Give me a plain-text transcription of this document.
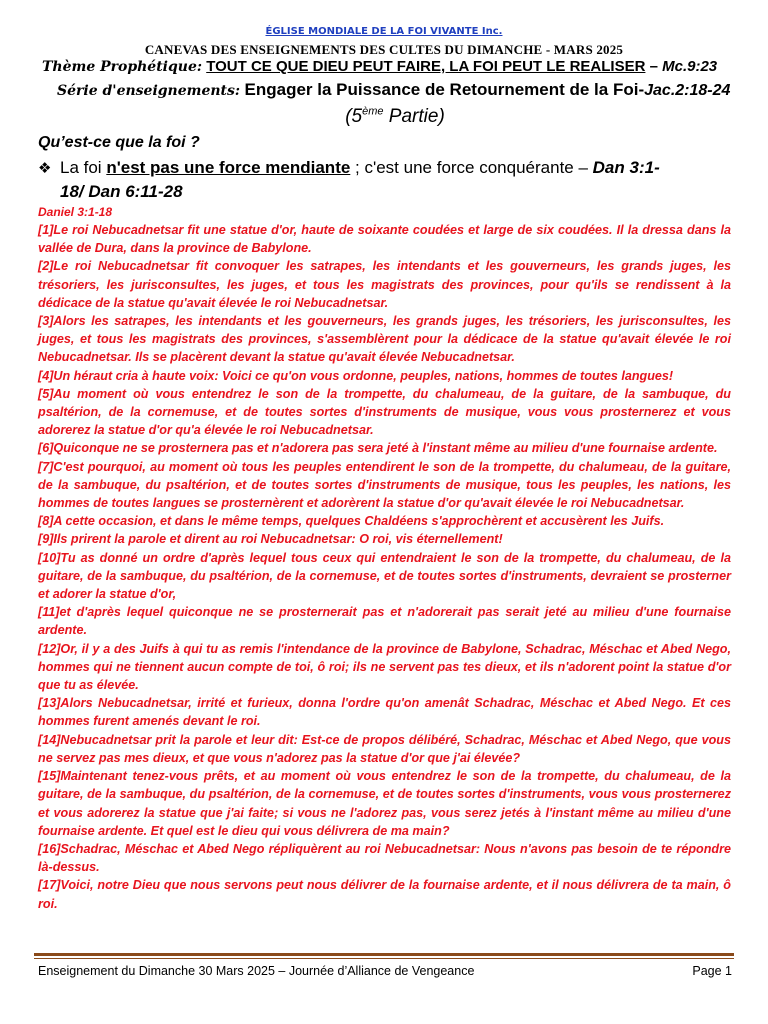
ÉGLISE MONDIALE DE LA FOI VIVANTE Inc.
CANEVAS DES ENSEIGNEMENTS DES CULTES DU DIMANCHE - MARS 2025
Thème Prophétique: TOUT CE QUE DIEU PEUT FAIRE, LA FOI PEUT LE REALISER – Mc.9:23
Série d'enseignements: Engager la Puissance de Retournement de la Foi-Jac.2:18-24
(5ème Partie)
Qu’est-ce que la foi ?
❖ La foi n'est pas une force mendiante ; c'est une force conquérante – Dan 3:1-
18/ Dan 6:11-28
Daniel 3:1-18

[1]Le roi Nebucadnetsar fit une statue d'or, haute de soixante coudées et large de six coudées. Il la dressa dans la vallée de Dura, dans la province de Babylone.

[2]Le roi Nebucadnetsar fit convoquer les satrapes, les intendants et les gouverneurs, les grands juges, les trésoriers, les jurisconsultes, les juges, et tous les magistrats des provinces, pour qu'ils se rendissent à la dédicace de la statue qu'avait élevée le roi Nebucadnetsar.

[3]Alors les satrapes, les intendants et les gouverneurs, les grands juges, les trésoriers, les jurisconsultes, les juges, et tous les magistrats des provinces, s'assemblèrent pour la dédicace de la statue qu'avait élevée le roi Nebucadnetsar. Ils se placèrent devant la statue qu'avait élevée Nebucadnetsar.

[4]Un héraut cria à haute voix: Voici ce qu'on vous ordonne, peuples, nations, hommes de toutes langues!

[5]Au moment où vous entendrez le son de la trompette, du chalumeau, de la guitare, de la sambuque, du psaltérion, de la cornemuse, et de toutes sortes d'instruments de musique, vous vous prosternerez et vous adorerez la statue d'or qu'a élevée le roi Nebucadnetsar.

[6]Quiconque ne se prosternera pas et n'adorera pas sera jeté à l'instant même au milieu d'une fournaise ardente.

[7]C'est pourquoi, au moment où tous les peuples entendirent le son de la trompette, du chalumeau, de la guitare, de la sambuque, du psaltérion, et de toutes sortes d'instruments de musique, tous les peuples, les nations, les hommes de toutes langues se prosternèrent et adorèrent la statue d'or qu'avait élevée le roi Nebucadnetsar.

[8]A cette occasion, et dans le même temps, quelques Chaldéens s'approchèrent et accusèrent les Juifs.

[9]Ils prirent la parole et dirent au roi Nebucadnetsar: O roi, vis éternellement!

[10]Tu as donné un ordre d'après lequel tous ceux qui entendraient le son de la trompette, du chalumeau, de la guitare, de la sambuque, du psaltérion, de la cornemuse, et de toutes sortes d'instruments, devraient se prosterner et adorer la statue d'or,

[11]et d'après lequel quiconque ne se prosternerait pas et n'adorerait pas serait jeté au milieu d'une fournaise ardente.

[12]Or, il y a des Juifs à qui tu as remis l'intendance de la province de Babylone, Schadrac, Méschac et Abed Nego, hommes qui ne tiennent aucun compte de toi, ô roi; ils ne servent pas tes dieux, et ils n'adorent point la statue d'or que tu as élevée.

[13]Alors Nebucadnetsar, irrité et furieux, donna l'ordre qu'on amenât Schadrac, Méschac et Abed Nego. Et ces hommes furent amenés devant le roi.

[14]Nebucadnetsar prit la parole et leur dit: Est-ce de propos délibéré, Schadrac, Méschac et Abed Nego, que vous ne servez pas mes dieux, et que vous n'adorez pas la statue d'or que j'ai élevée?

[15]Maintenant tenez-vous prêts, et au moment où vous entendrez le son de la trompette, du chalumeau, de la guitare, de la sambuque, du psaltérion, de la cornemuse, et de toutes sortes d'instruments, vous vous prosternerez et vous adorerez la statue que j'ai faite; si vous ne l'adorez pas, vous serez jetés à l'instant même au milieu d'une fournaise ardente. Et quel est le dieu qui vous délivrera de ma main?

[16]Schadrac, Méschac et Abed Nego répliquèrent au roi Nebucadnetsar: Nous n'avons pas besoin de te répondre là-dessus.

[17]Voici, notre Dieu que nous servons peut nous délivrer de la fournaise ardente, et il nous délivrera de ta main, ô roi.

Enseignement du Dimanche 30 Mars 2025 – Journée d’Alliance de Vengeance	Page 1
